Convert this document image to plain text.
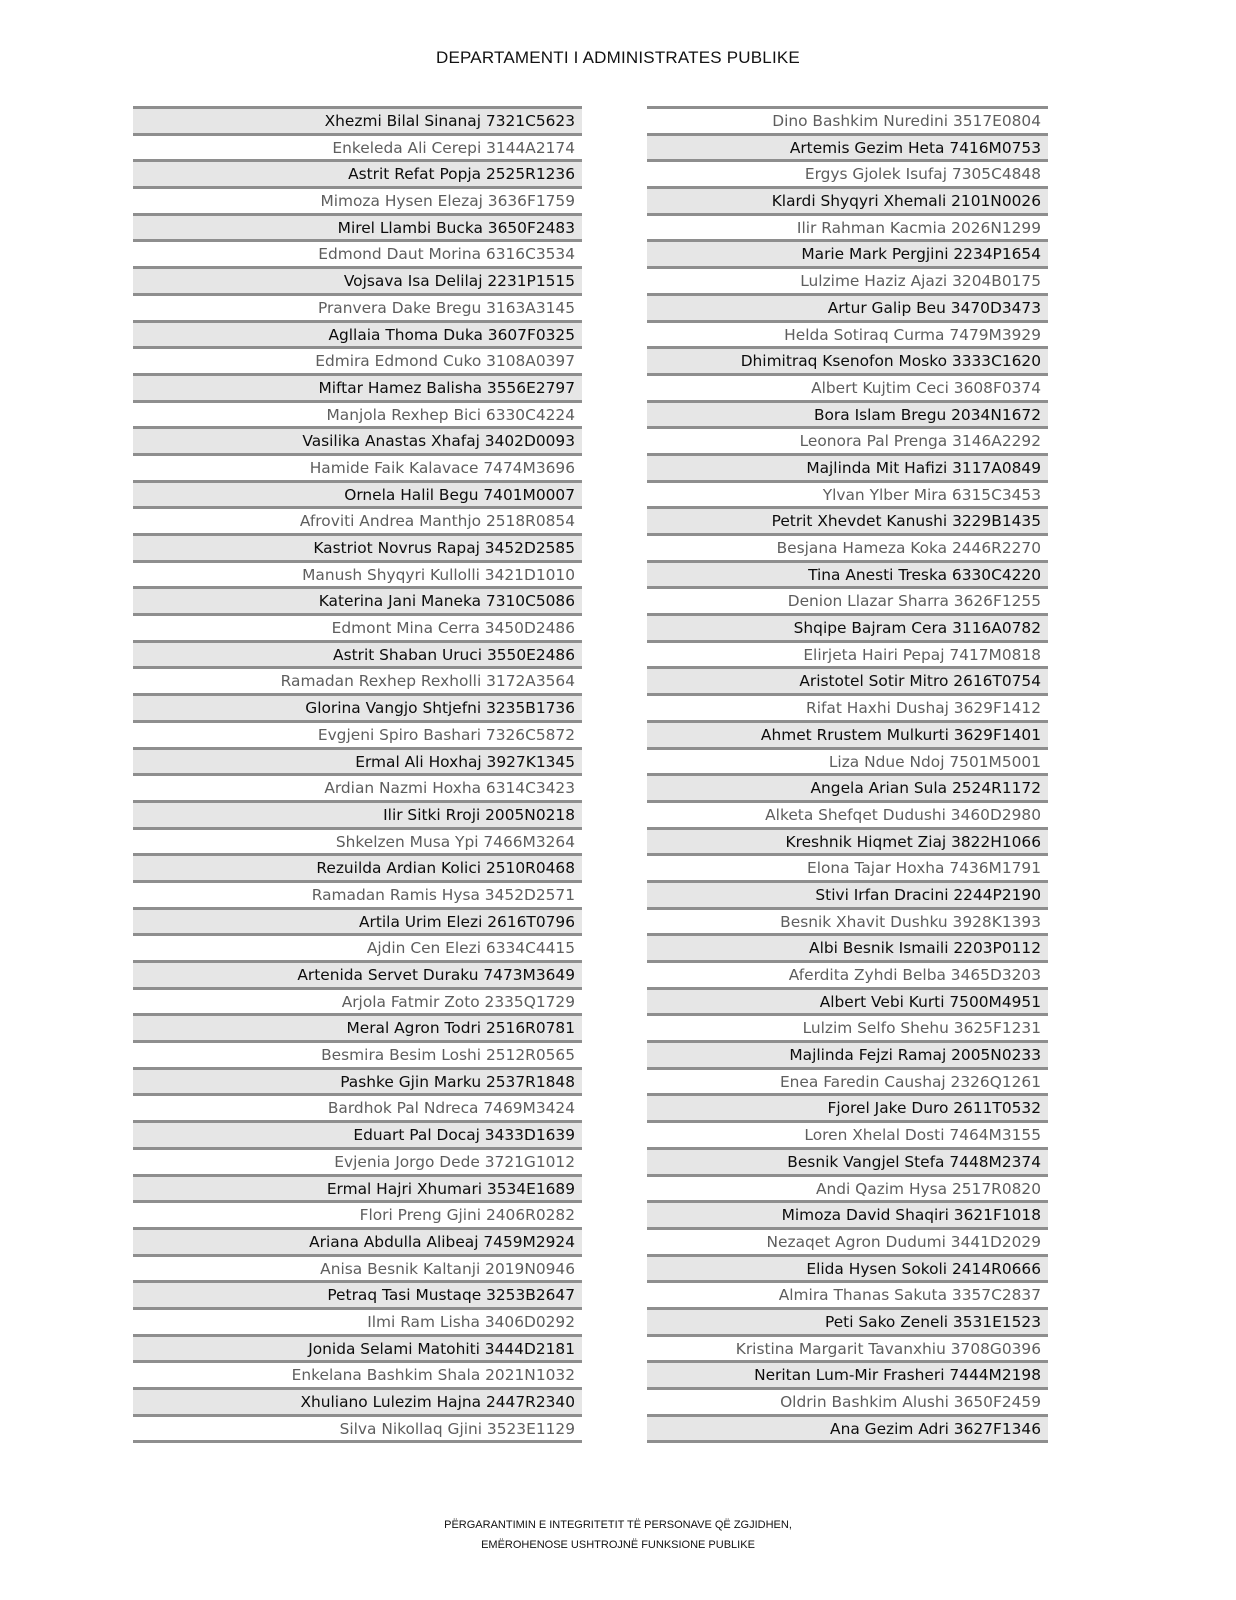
DEPARTAMENTI I ADMINISTRATES PUBLIKE
Xhezmi Bilal Sinanaj 7321C5623
Enkeleda Ali Cerepi 3144A2174
Astrit Refat Popja 2525R1236
Mimoza Hysen Elezaj 3636F1759
Mirel Llambi Bucka 3650F2483
Edmond Daut Morina 6316C3534
Vojsava Isa Delilaj 2231P1515
Pranvera Dake Bregu 3163A3145
Agllaia Thoma Duka 3607F0325
Edmira Edmond Cuko 3108A0397
Miftar Hamez Balisha 3556E2797
Manjola Rexhep Bici 6330C4224
Vasilika Anastas Xhafaj 3402D0093
Hamide Faik Kalavace 7474M3696
Ornela Halil Begu 7401M0007
Afroviti Andrea Manthjo 2518R0854
Kastriot Novrus Rapaj 3452D2585
Manush Shyqyri Kullolli 3421D1010
Katerina Jani Maneka 7310C5086
Edmont Mina Cerra 3450D2486
Astrit Shaban Uruci 3550E2486
Ramadan Rexhep Rexholli 3172A3564
Glorina Vangjo Shtjefni 3235B1736
Evgjeni Spiro Bashari 7326C5872
Ermal Ali Hoxhaj 3927K1345
Ardian Nazmi Hoxha 6314C3423
Ilir Sitki Rroji 2005N0218
Shkelzen Musa Ypi 7466M3264
Rezuilda Ardian Kolici 2510R0468
Ramadan Ramis Hysa 3452D2571
Artila Urim Elezi 2616T0796
Ajdin Cen Elezi 6334C4415
Artenida Servet Duraku 7473M3649
Arjola Fatmir Zoto 2335Q1729
Meral Agron Todri 2516R0781
Besmira Besim Loshi 2512R0565
Pashke Gjin Marku 2537R1848
Bardhok Pal Ndreca 7469M3424
Eduart Pal Docaj 3433D1639
Evjenia Jorgo Dede 3721G1012
Ermal Hajri Xhumari 3534E1689
Flori Preng Gjini 2406R0282
Ariana Abdulla Alibeaj 7459M2924
Anisa Besnik Kaltanji 2019N0946
Petraq Tasi Mustaqe 3253B2647
Ilmi Ram Lisha 3406D0292
Jonida Selami Matohiti 3444D2181
Enkelana Bashkim Shala 2021N1032
Xhuliano Lulezim Hajna 2447R2340
Silva Nikollaq Gjini 3523E1129
Dino Bashkim Nuredini 3517E0804
Artemis Gezim Heta 7416M0753
Ergys Gjolek Isufaj 7305C4848
Klardi Shyqyri Xhemali 2101N0026
Ilir Rahman Kacmia 2026N1299
Marie Mark Pergjini 2234P1654
Lulzime Haziz Ajazi 3204B0175
Artur Galip Beu 3470D3473
Helda Sotiraq Curma 7479M3929
Dhimitraq Ksenofon Mosko 3333C1620
Albert Kujtim Ceci 3608F0374
Bora Islam Bregu 2034N1672
Leonora Pal Prenga 3146A2292
Majlinda Mit Hafizi 3117A0849
Ylvan Ylber Mira 6315C3453
Petrit Xhevdet Kanushi 3229B1435
Besjana Hameza Koka 2446R2270
Tina Anesti Treska 6330C4220
Denion Llazar Sharra 3626F1255
Shqipe Bajram Cera 3116A0782
Elirjeta Hairi Pepaj 7417M0818
Aristotel Sotir Mitro 2616T0754
Rifat Haxhi Dushaj 3629F1412
Ahmet Rrustem Mulkurti 3629F1401
Liza Ndue Ndoj 7501M5001
Angela Arian Sula 2524R1172
Alketa Shefqet Dudushi 3460D2980
Kreshnik Hiqmet Ziaj 3822H1066
Elona Tajar Hoxha 7436M1791
Stivi Irfan Dracini 2244P2190
Besnik Xhavit Dushku 3928K1393
Albi Besnik Ismaili 2203P0112
Aferdita Zyhdi Belba 3465D3203
Albert Vebi Kurti 7500M4951
Lulzim Selfo Shehu 3625F1231
Majlinda Fejzi Ramaj 2005N0233
Enea Faredin Caushaj 2326Q1261
Fjorel Jake Duro 2611T0532
Loren Xhelal Dosti 7464M3155
Besnik Vangjel Stefa 7448M2374
Andi Qazim Hysa 2517R0820
Mimoza David Shaqiri 3621F1018
Nezaqet Agron Dudumi 3441D2029
Elida Hysen Sokoli 2414R0666
Almira Thanas Sakuta 3357C2837
Peti Sako Zeneli 3531E1523
Kristina Margarit Tavanxhiu 3708G0396
Neritan Lum-Mir Frasheri 7444M2198
Oldrin Bashkim Alushi 3650F2459
Ana Gezim Adri 3627F1346
PËRGARANTIMIN E INTEGRITETIT TË PERSONAVE QË ZGJIDHEN,
EMËROHENOSE USHTROJNË FUNKSIONE PUBLIKE
